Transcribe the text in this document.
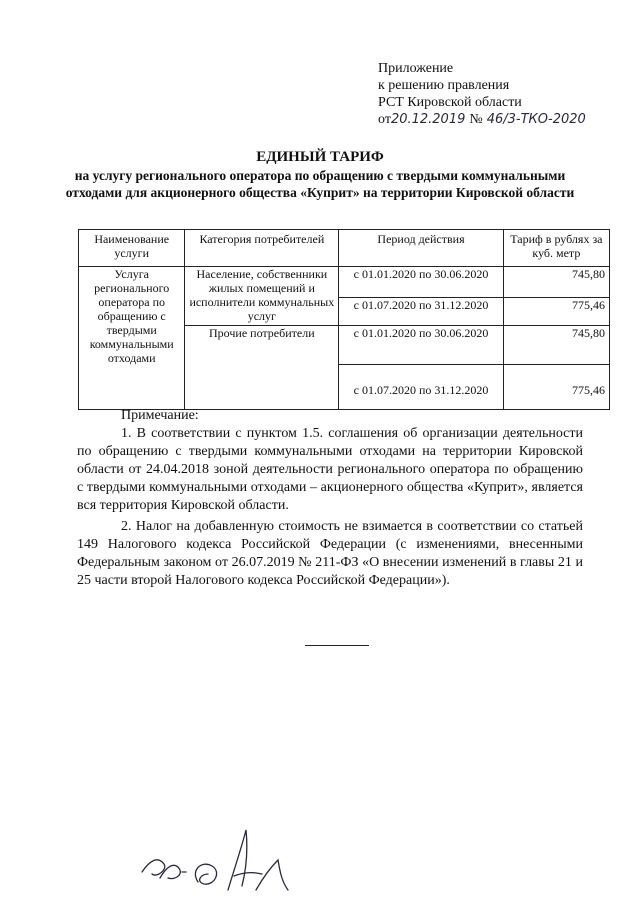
Приложение
к решению правления
РСТ Кировской области
от 20.12.2019 № 46/3-ТКО-2020
ЕДИНЫЙ ТАРИФ
на услугу регионального оператора по обращению с твердыми коммунальными отходами для акционерного общества «Куприт» на территории Кировской области
Наименование услуги	Категория потребителей	Период действия	Тариф в рублях за куб. метр
Услуга регионального оператора по обращению с твердыми коммунальными отходами	Население, собственники жилых помещений и исполнители коммунальных услуг	с 01.01.2020 по 30.06.2020	745,80
		с 01.07.2020 по 31.12.2020	775,46
	Прочие потребители	с 01.01.2020 по 30.06.2020	745,80
		с 01.07.2020 по 31.12.2020	775,46
Примечание:

1. В соответствии с пунктом 1.5. соглашения об организации деятельности по обращению с твердыми коммунальными отходами на территории Кировской области от 24.04.2018 зоной деятельности регионального оператора по обращению с твердыми коммунальными отходами – акционерного общества «Куприт», является вся территория Кировской области.

2. Налог на добавленную стоимость не взимается в соответствии со статьей 149 Налогового кодекса Российской Федерации (с изменениями, внесенными Федеральным законом от 26.07.2019 № 211-ФЗ «О внесении изменений в главы 21 и 25 части второй Налогового кодекса Российской Федерации»).
